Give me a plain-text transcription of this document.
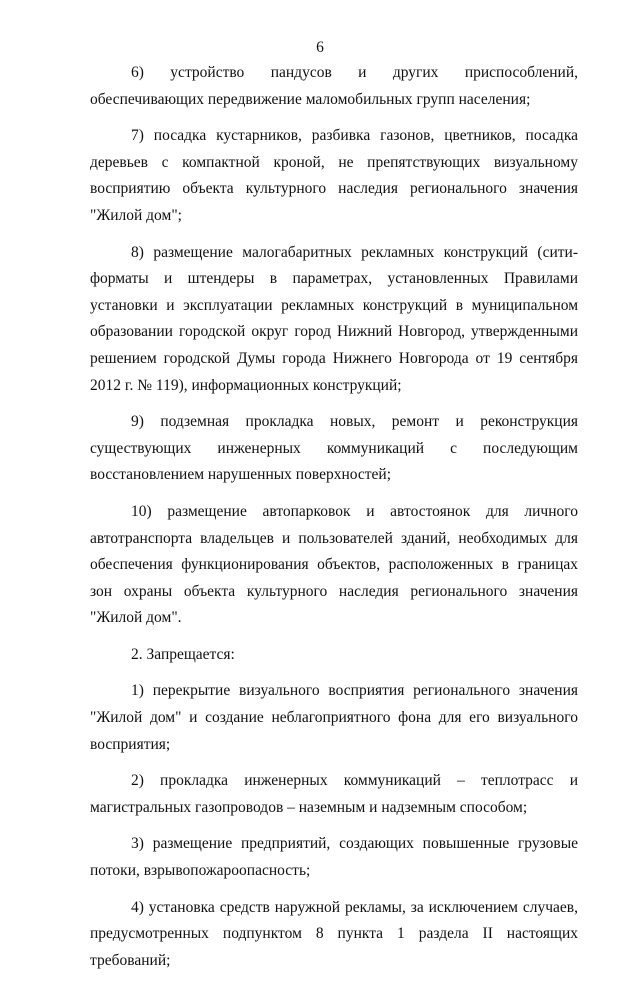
6

6) устройство пандусов и других приспособлений, обеспечивающих передвижение маломобильных групп населения;

7) посадка кустарников, разбивка газонов, цветников, посадка деревьев с компактной кроной, не препятствующих визуальному восприятию объекта культурного наследия регионального значения "Жилой дом";

8) размещение малогабаритных рекламных конструкций (сити-форматы и штендеры в параметрах, установленных Правилами установки и эксплуатации рекламных конструкций в муниципальном образовании городской округ город Нижний Новгород, утвержденными решением городской Думы города Нижнего Новгорода от 19 сентября 2012 г. № 119), информационных конструкций;

9) подземная прокладка новых, ремонт и реконструкция существующих инженерных коммуникаций с последующим восстановлением нарушенных поверхностей;

10) размещение автопарковок и автостоянок для личного автотранспорта владельцев и пользователей зданий, необходимых для обеспечения функционирования объектов, расположенных в границах зон охраны объекта культурного наследия регионального значения "Жилой дом".

2. Запрещается:

1) перекрытие визуального восприятия регионального значения "Жилой дом" и создание неблагоприятного фона для его визуального восприятия;

2) прокладка инженерных коммуникаций – теплотрасс и магистральных газопроводов – наземным и надземным способом;

3) размещение предприятий, создающих повышенные грузовые потоки, взрывопожароопасность;

4) установка средств наружной рекламы, за исключением случаев, предусмотренных подпунктом 8 пункта 1 раздела II настоящих требований;
